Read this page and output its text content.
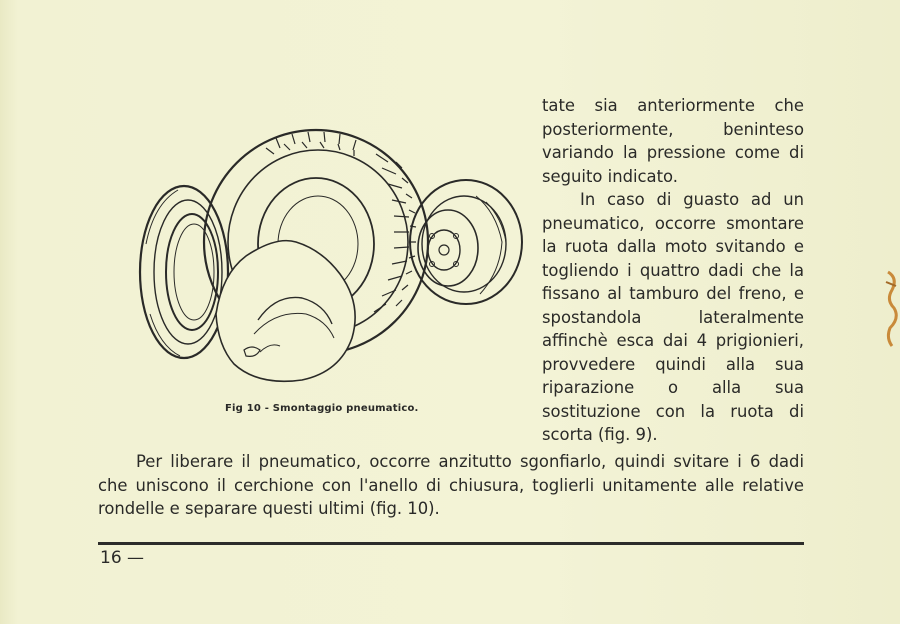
Fig 10 - Smontaggio pneumatico.

tate sia anteriormente che posteriormente, beninteso variando la pressione come di seguito indicato.

In caso di guasto ad un pneumatico, occorre smontare la ruota dalla moto svitando e togliendo i quattro dadi che la fissano al tamburo del freno, e spostandola lateralmente affinchè esca dai 4 prigionieri, provvedere quindi alla sua riparazione o alla sua sostituzione con la ruota di scorta (fig. 9).

Per liberare il pneumatico, occorre anzitutto sgonfiarlo, quindi svitare i 6 dadi che uniscono il cerchione con l'anello di chiusura, toglierli unitamente alle relative rondelle e separare questi ultimi (fig. 10).

16 —
